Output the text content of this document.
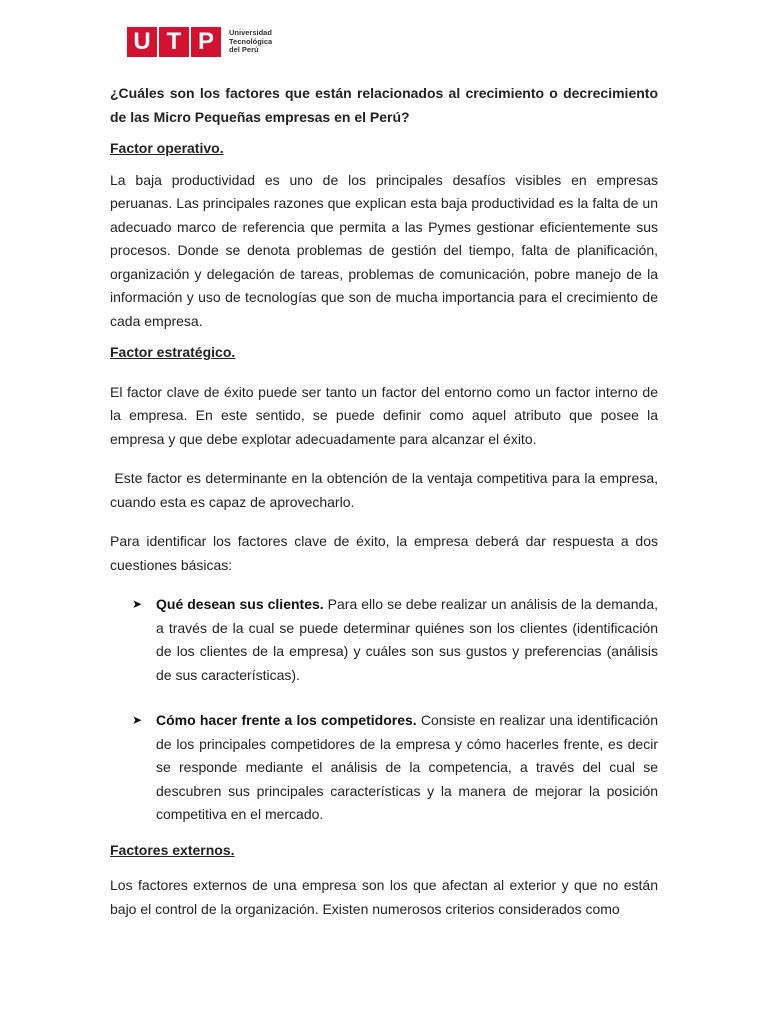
U T P	Universidad
Tecnológica
del Perú

¿Cuáles son los factores que están relacionados al crecimiento o decrecimiento de las Micro Pequeñas empresas en el Perú?

Factor operativo.

La baja productividad es uno de los principales desafíos visibles en empresas peruanas. Las principales razones que explican esta baja productividad es la falta de un adecuado marco de referencia que permita a las Pymes gestionar eficientemente sus procesos. Donde se denota problemas de gestión del tiempo, falta de planificación, organización y delegación de tareas, problemas de comunicación, pobre manejo de la información y uso de tecnologías que son de mucha importancia para el crecimiento de cada empresa.

Factor estratégico.

El factor clave de éxito puede ser tanto un factor del entorno como un factor interno de la empresa. En este sentido, se puede definir como aquel atributo que posee la empresa y que debe explotar adecuadamente para alcanzar el éxito.

Este factor es determinante en la obtención de la ventaja competitiva para la empresa, cuando esta es capaz de aprovecharlo.

Para identificar los factores clave de éxito, la empresa deberá dar respuesta a dos cuestiones básicas:

➤ Qué desean sus clientes. Para ello se debe realizar un análisis de la demanda, a través de la cual se puede determinar quiénes son los clientes (identificación de los clientes de la empresa) y cuáles son sus gustos y preferencias (análisis de sus características).
➤ Cómo hacer frente a los competidores. Consiste en realizar una identificación de los principales competidores de la empresa y cómo hacerles frente, es decir se responde mediante el análisis de la competencia, a través del cual se descubren sus principales características y la manera de mejorar la posición competitiva en el mercado.

Factores externos.

Los factores externos de una empresa son los que afectan al exterior y que no están bajo el control de la organización. Existen numerosos criterios considerados como
